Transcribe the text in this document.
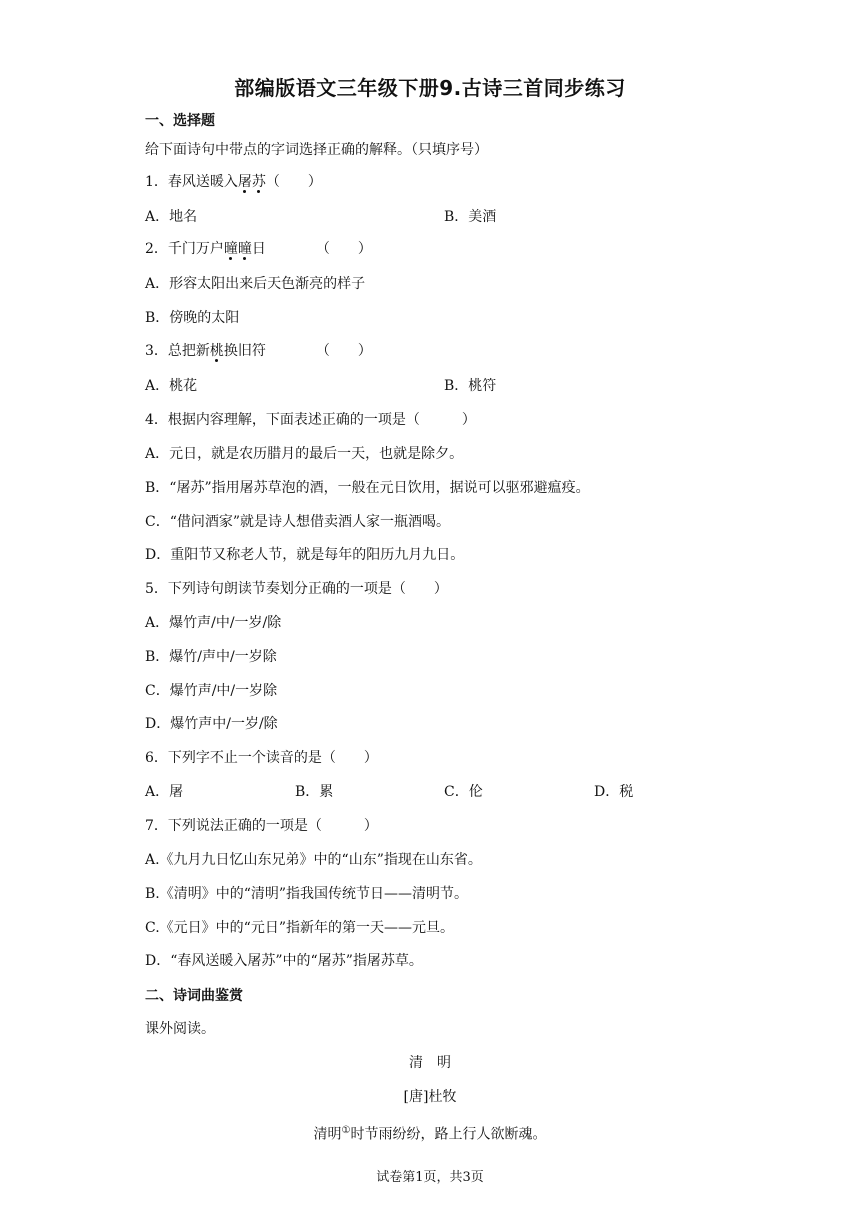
部编版语文三年级下册9.古诗三首同步练习
一、选择题
给下面诗句中带点的字词选择正确的解释。（只填序号）
1．春风送暖入屠苏（　　）
A．地名	B．美酒
2．千门万户曈曈日	（　　）
A．形容太阳出来后天色渐亮的样子
B．傍晚的太阳
3．总把新桃换旧符	（　　）
A．桃花	B．桃符
4．根据内容理解，下面表述正确的一项是（　　　）
A．元日，就是农历腊月的最后一天，也就是除夕。
B．“屠苏”指用屠苏草泡的酒，一般在元日饮用，据说可以驱邪避瘟疫。
C．“借问酒家”就是诗人想借卖酒人家一瓶酒喝。
D．重阳节又称老人节，就是每年的阳历九月九日。
5．下列诗句朗读节奏划分正确的一项是（　　）
A．爆竹声/中/一岁/除
B．爆竹/声中/一岁除
C．爆竹声/中/一岁除
D．爆竹声中/一岁/除
6．下列字不止一个读音的是（　　）
A．屠	B．累	C．伦	D．税
7．下列说法正确的一项是（　　　）
A.《九月九日忆山东兄弟》中的“山东”指现在山东省。
B.《清明》中的“清明”指我国传统节日——清明节。
C.《元日》中的“元日”指新年的第一天——元旦。
D．“春风送暖入屠苏”中的“屠苏”指屠苏草。
二、诗词曲鉴赏
课外阅读。
清　明
[唐]杜牧
清明①时节雨纷纷，路上行人欲断魂。
试卷第1页，共3页
